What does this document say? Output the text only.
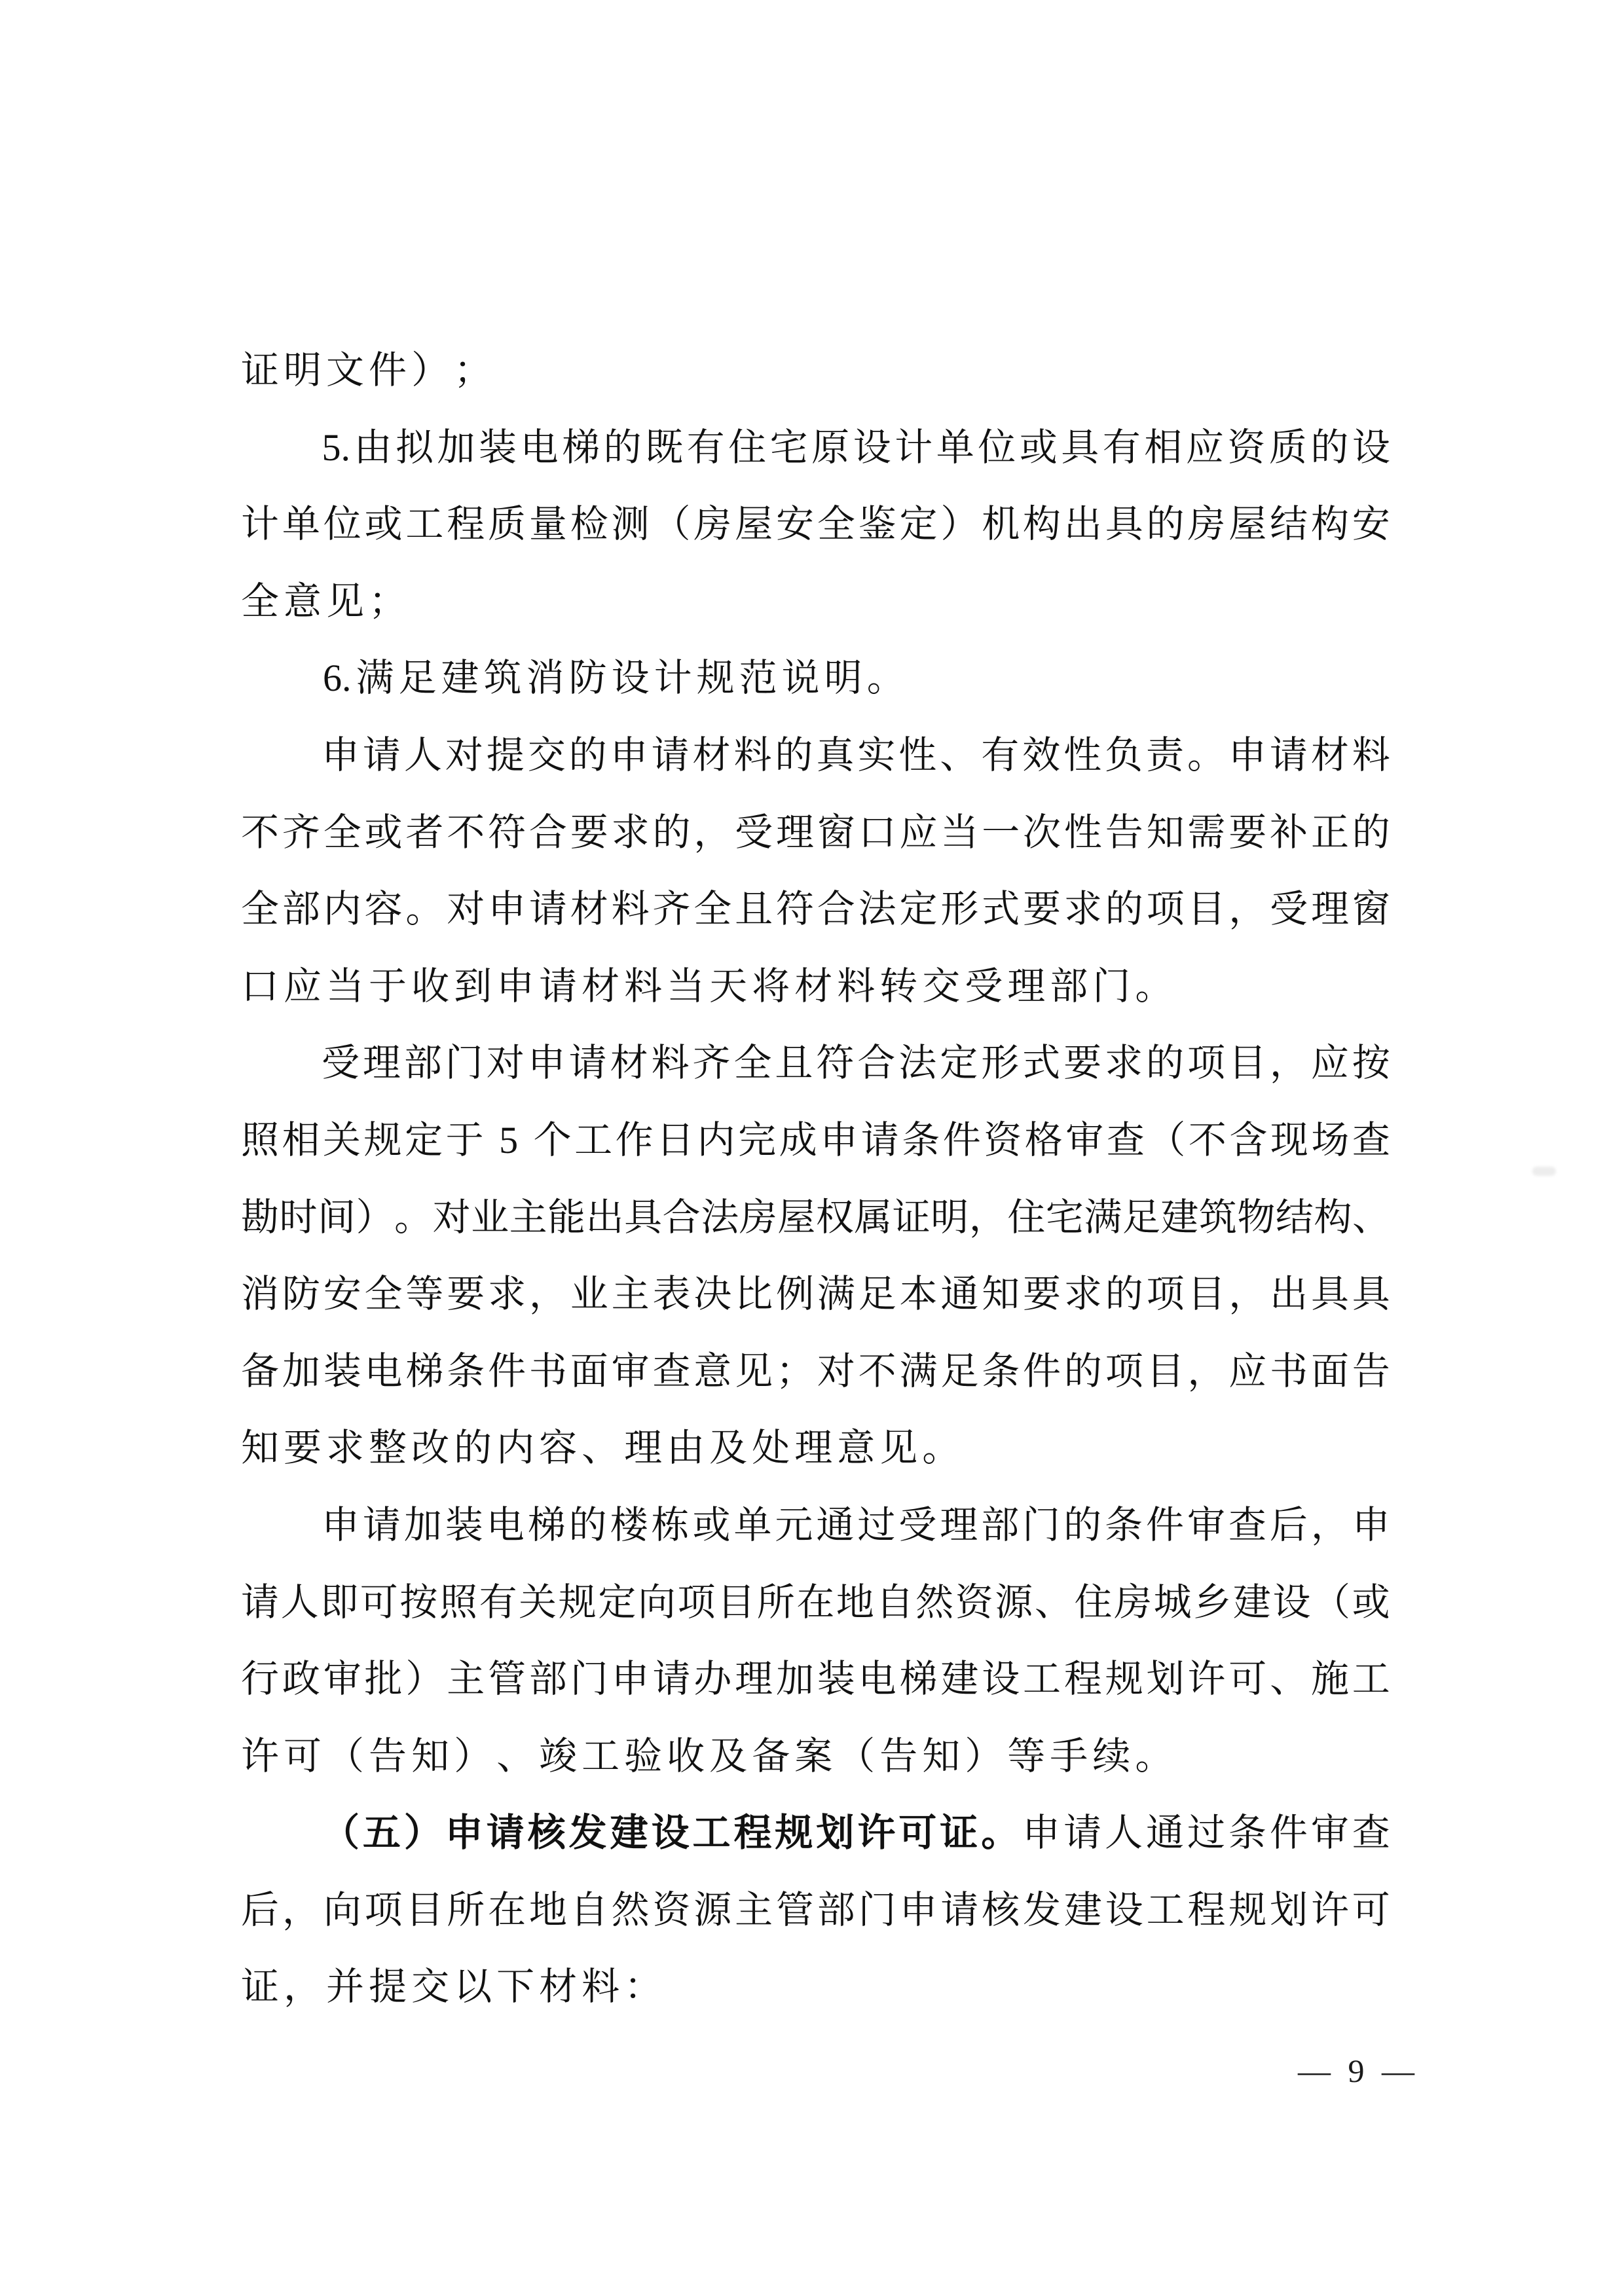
证 明 文 件 ） ；
5. 由 拟 加 装 电 梯 的 既 有 住 宅 原 设 计 单 位 或 具 有 相 应 资 质 的 设
计 单 位 或 工 程 质 量 检 测 （ 房 屋 安 全 鉴 定 ） 机 构 出 具 的 房 屋 结 构 安
全 意 见 ；
6. 满 足 建 筑 消 防 设 计 规 范 说 明 。
申 请 人 对 提 交 的 申 请 材 料 的 真 实 性 、 有 效 性 负 责 。 申 请 材 料
不 齐 全 或 者 不 符 合 要 求 的 ， 受 理 窗 口 应 当 一 次 性 告 知 需 要 补 正 的
全 部 内 容 。 对 申 请 材 料 齐 全 且 符 合 法 定 形 式 要 求 的 项 目 ， 受 理 窗
口 应 当 于 收 到 申 请 材 料 当 天 将 材 料 转 交 受 理 部 门 。
受 理 部 门 对 申 请 材 料 齐 全 且 符 合 法 定 形 式 要 求 的 项 目 ， 应 按
照 相 关 规 定 于
5
个 工 作 日 内 完 成 申 请 条 件 资 格 审 查 （ 不 含 现 场 查
勘 时 间 ） 。 对 业 主 能 出 具 合 法 房 屋 权 属 证 明 ， 住 宅 满 足 建 筑 物 结 构 、
消 防 安 全 等 要 求 ， 业 主 表 决 比 例 满 足 本 通 知 要 求 的 项 目 ， 出 具 具
备 加 装 电 梯 条 件 书 面 审 查 意 见 ； 对 不 满 足 条 件 的 项 目 ， 应 书 面 告
知 要 求 整 改 的 内 容 、 理 由 及 处 理 意 见 。
申 请 加 装 电 梯 的 楼 栋 或 单 元 通 过 受 理 部 门 的 条 件 审 查 后 ， 申
请 人 即 可 按 照 有 关 规 定 向 项 目 所 在 地 自 然 资 源 、 住 房 城 乡 建 设 （ 或
行 政 审 批 ） 主 管 部 门 申 请 办 理 加 装 电 梯 建 设 工 程 规 划 许 可 、 施 工
许 可 （ 告 知 ） 、 竣 工 验 收 及 备 案 （ 告 知 ） 等 手 续 。
（ 五 ） 申 请 核 发 建 设 工 程 规 划 许 可 证 。 申 请 人 通 过 条 件 审 查
后 ， 向 项 目 所 在 地 自 然 资 源 主 管 部 门 申 请 核 发 建 设 工 程 规 划 许 可
证 ， 并 提 交 以 下 材 料 ：
— 9 —
